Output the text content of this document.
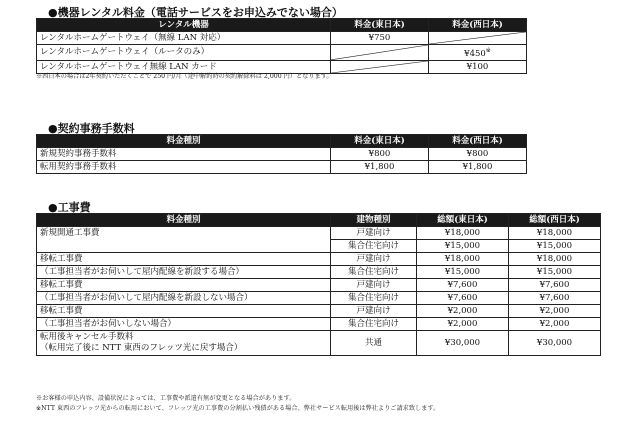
●機器レンタル料金（電話サービスをお申込みでない場合）
レンタル機器	料金(東日本)	料金(西日本)
レンタルホームゲートウェイ（無線 LAN 対応）	¥750	

レンタルホームゲートウェイ（ルータのみ）		¥450※
レンタルホームゲートウェイ無線 LAN カード		¥100
※西日本の場合は2年契約いただくことで 250 円/月（途中解約時の契約解除料は 2,000 円）となります。
●契約事務手数料
料金種別	料金(東日本)	料金(西日本)
新規契約事務手数料	¥800	¥800
転用契約事務手数料	¥1,800	¥1,800
●工事費
料金種別	建物種別	総額(東日本)	総額(西日本)
新規開通工事費	戸建向け	¥18,000	¥18,000
	集合住宅向け	¥15,000	¥15,000
移転工事費	戸建向け	¥18,000	¥18,000
（工事担当者がお伺いして屋内配線を新設する場合）	集合住宅向け	¥15,000	¥15,000
移転工事費	戸建向け	¥7,600	¥7,600
（工事担当者がお伺いして屋内配線を新設しない場合）	集合住宅向け	¥7,600	¥7,600
移転工事費	戸建向け	¥2,000	¥2,000
（工事担当者がお伺いしない場合）	集合住宅向け	¥2,000	¥2,000

転用後キャンセル手数料
（転用完了後に NTT 東西のフレッツ光に戻す場合）	共通	¥30,000	¥30,000
※お客様の申込内容、設備状況によっては、工事費や派遣有無が変更となる場合があります。
※NTT 東西のフレッツ光からの転用において、フレッツ光の工事費の分割払い残債がある場合、弊社サービス転用後は弊社よりご請求致します。
